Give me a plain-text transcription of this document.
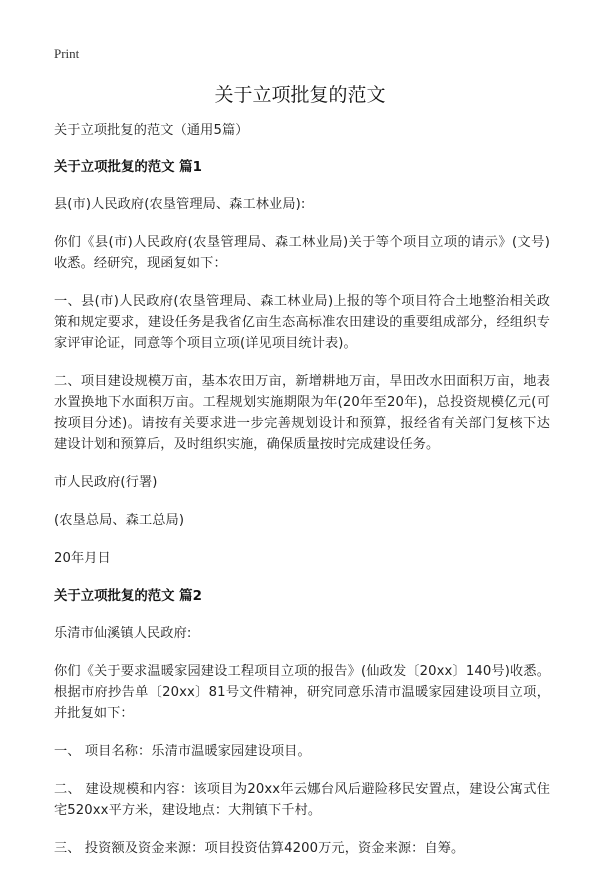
Print
关于立项批复的范文

关于立项批复的范文（通用5篇）

关于立项批复的范文 篇1

县(市)人民政府(农垦管理局、森工林业局):

你们《县(市)人民政府(农垦管理局、森工林业局)关于等个项目立项的请示》(文号)收悉。经研究，现函复如下：

一、县(市)人民政府(农垦管理局、森工林业局)上报的等个项目符合土地整治相关政策和规定要求，建设任务是我省亿亩生态高标准农田建设的重要组成部分，经组织专家评审论证，同意等个项目立项(详见项目统计表)。

二、项目建设规模万亩，基本农田万亩，新增耕地万亩，旱田改水田面积万亩，地表水置换地下水面积万亩。工程规划实施期限为年(20年至20年)，总投资规模亿元(可按项目分述)。请按有关要求进一步完善规划设计和预算，报经省有关部门复核下达建设计划和预算后，及时组织实施，确保质量按时完成建设任务。

市人民政府(行署)

(农垦总局、森工总局)

20年月日

关于立项批复的范文 篇2

乐清市仙溪镇人民政府:

你们《关于要求温暖家园建设工程项目立项的报告》(仙政发〔20xx〕140号)收悉。根据市府抄告单〔20xx〕81号文件精神，研究同意乐清市温暖家园建设项目立项，并批复如下：

一、 项目名称：乐清市温暖家园建设项目。

二、 建设规模和内容：该项目为20xx年云娜台风后避险移民安置点，建设公寓式住宅520xx平方米，建设地点：大荆镇下千村。

三、 投资额及资金来源：项目投资估算4200万元，资金来源：自筹。
